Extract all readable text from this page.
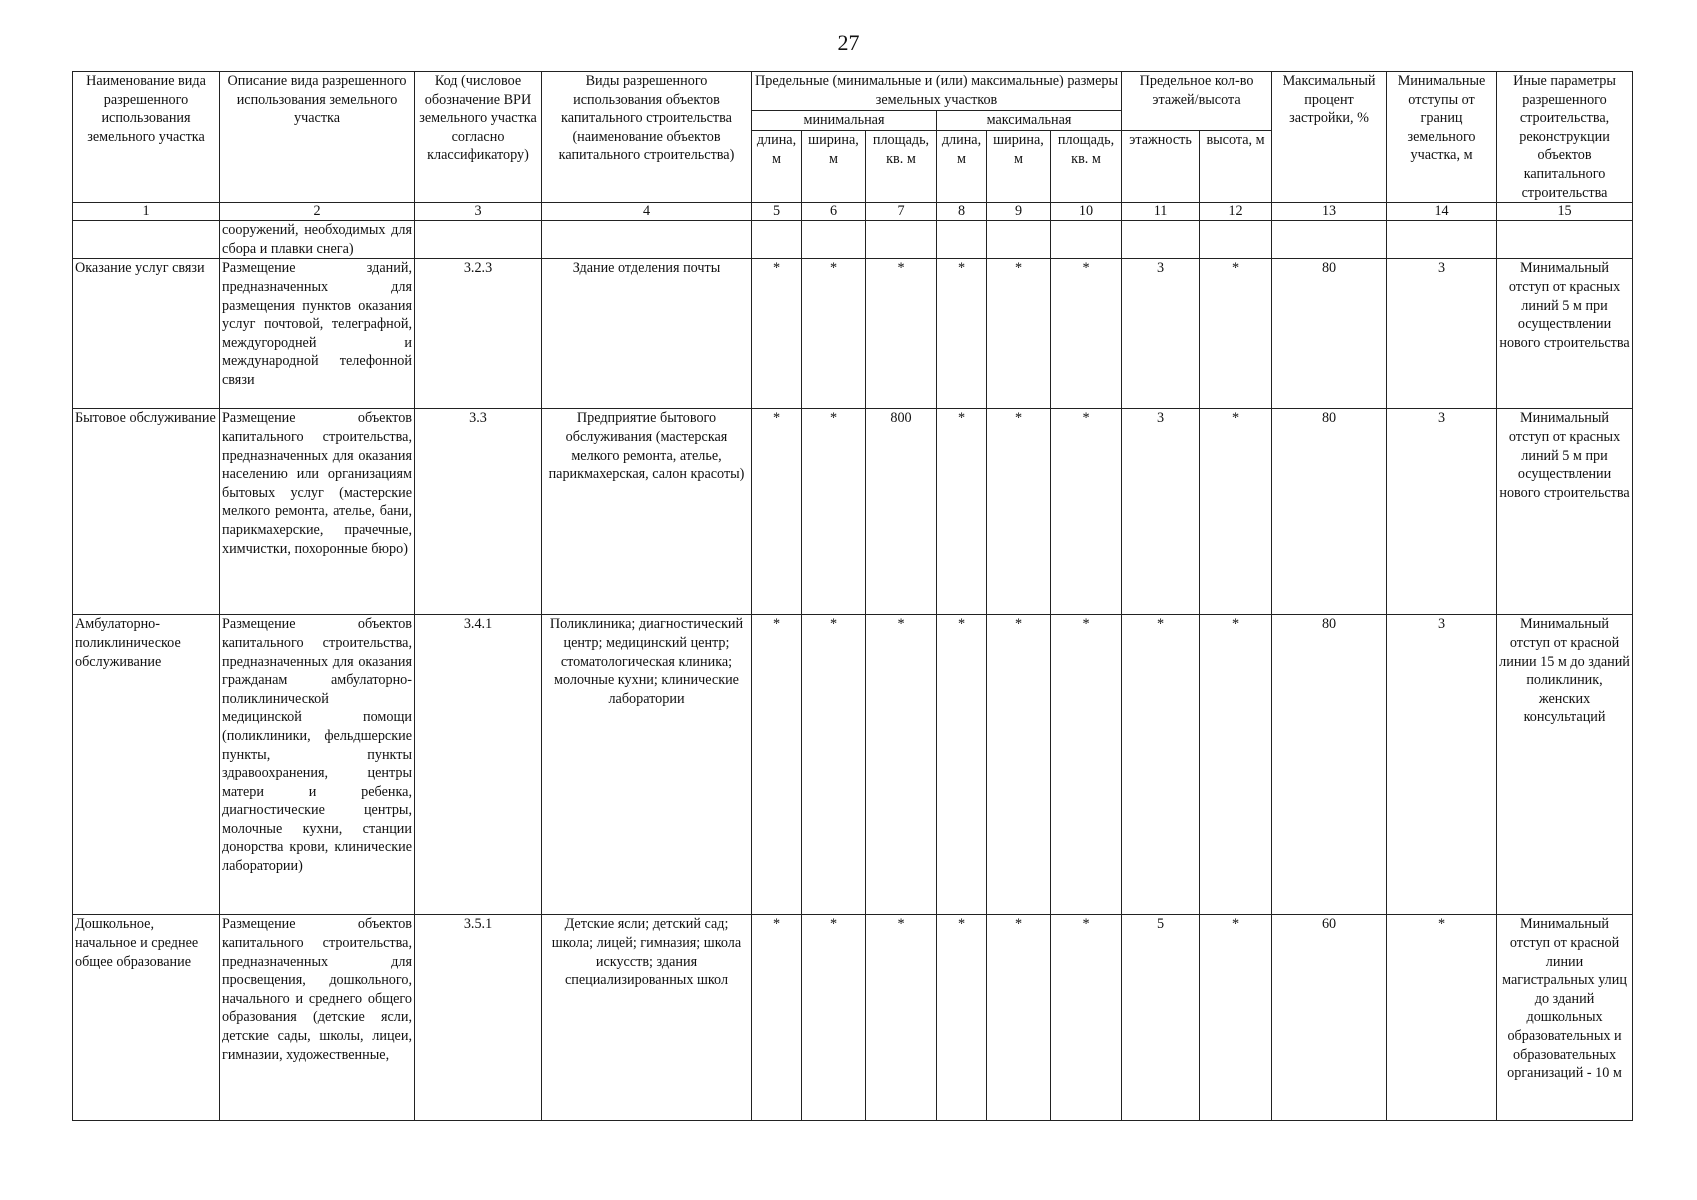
27
Наименование вида разрешенного использования земельного участка	Описание вида разрешенного использования земельного участка	Код (числовое обозначение ВРИ земельного участка согласно классификатору)	Виды разрешенного использования объектов капитального строительства (наименование объектов капитального строительства)	Предельные (минимальные и (или) максимальные) размеры земельных участков						Предельное кол-во этажей/высота		Максимальный процент застройки, %	Минимальные отступы от границ земельного участка, м	Иные параметры разрешенного строительства, реконструкции объектов капитального строительства
				минимальная			максимальная							
				длина, м	ширина, м	площадь, кв. м	длина, м	ширина, м	площадь, кв. м	этажность	высота, м			
1	2	3	4	5	6	7	8	9	10	11	12	13	14	15
	сооружений, необходимых для сбора и плавки снега)													
Оказание услуг связи	Размещение зданий, предназначенных для размещения пунктов оказания услуг почтовой, телеграфной, междугородней и международной телефонной связи	3.2.3	Здание отделения почты	*	*	*	*	*	*	3	*	80	3	Минимальный отступ от красных линий 5 м при осуществлении нового строительства
Бытовое обслуживание	Размещение объектов капитального строительства, предназначенных для оказания населению или организациям бытовых услуг (мастерские мелкого ремонта, ателье, бани, парикмахерские, прачечные, химчистки, похоронные бюро)	3.3	Предприятие бытового обслуживания (мастерская мелкого ремонта, ателье, парикмахерская, салон красоты)	*	*	800	*	*	*	3	*	80	3	Минимальный отступ от красных линий 5 м при осуществлении нового строительства
Амбулаторно-поликлиническое обслуживание	Размещение объектов капитального строительства, предназначенных для оказания гражданам амбулаторно-поликлинической медицинской помощи (поликлиники, фельдшерские пункты, пункты здравоохранения, центры матери и ребенка, диагностические центры, молочные кухни, станции донорства крови, клинические лаборатории)	3.4.1	Поликлиника; диагностический центр; медицинский центр; стоматологическая клиника; молочные кухни; клинические лаборатории	*	*	*	*	*	*	*	*	80	3	Минимальный отступ от красной линии 15 м до зданий поликлиник, женских консультаций
Дошкольное, начальное и среднее общее образование	Размещение объектов капитального строительства, предназначенных для просвещения, дошкольного, начального и среднего общего образования (детские ясли, детские сады, школы, лицеи, гимназии, художественные,	3.5.1	Детские ясли; детский сад; школа; лицей; гимназия; школа искусств; здания специализированных школ	*	*	*	*	*	*	5	*	60	*	Минимальный отступ от красной линии магистральных улиц до зданий дошкольных образовательных и образовательных организаций - 10 м
